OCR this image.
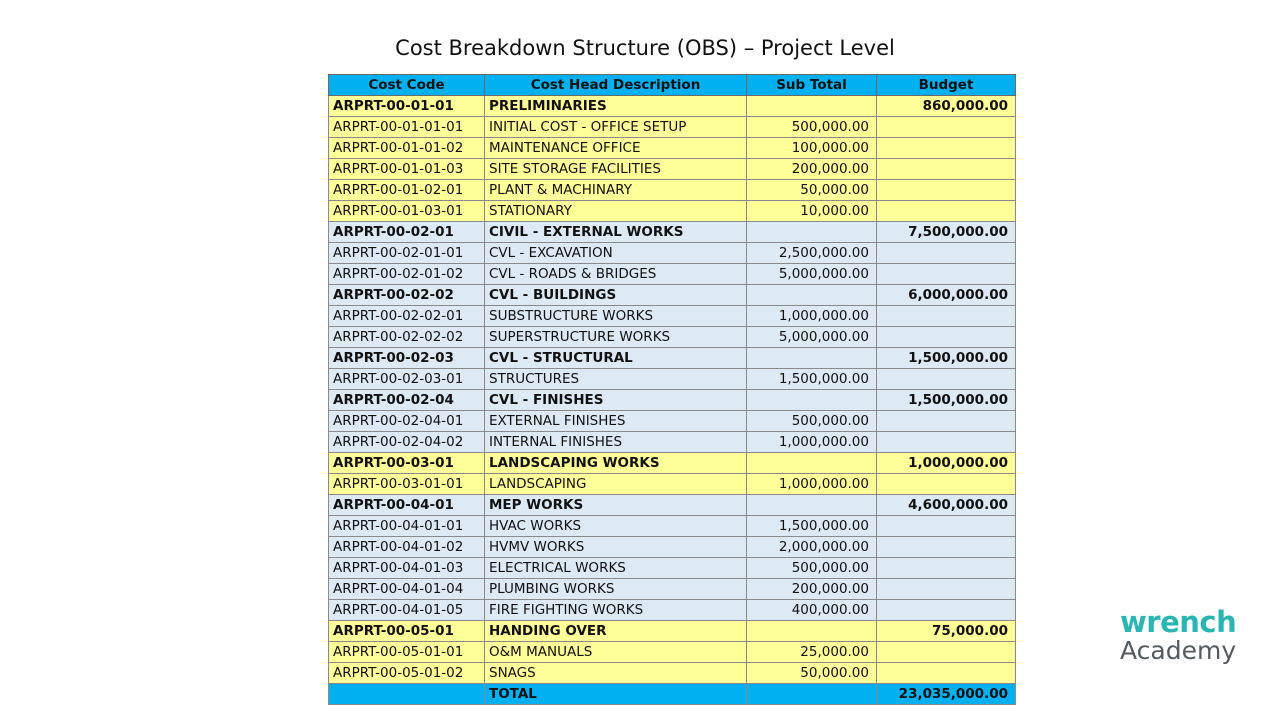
Cost Breakdown Structure (OBS) – Project Level
Cost Code	Cost Head Description	Sub Total	Budget
ARPRT-00-01-01	PRELIMINARIES		860,000.00
ARPRT-00-01-01-01	INITIAL COST - OFFICE SETUP	500,000.00	
ARPRT-00-01-01-02	MAINTENANCE OFFICE	100,000.00	
ARPRT-00-01-01-03	SITE STORAGE FACILITIES	200,000.00	
ARPRT-00-01-02-01	PLANT & MACHINARY	50,000.00	
ARPRT-00-01-03-01	STATIONARY	10,000.00	
ARPRT-00-02-01	CIVIL - EXTERNAL WORKS		7,500,000.00
ARPRT-00-02-01-01	CVL - EXCAVATION	2,500,000.00	
ARPRT-00-02-01-02	CVL - ROADS & BRIDGES	5,000,000.00	
ARPRT-00-02-02	CVL - BUILDINGS		6,000,000.00
ARPRT-00-02-02-01	SUBSTRUCTURE WORKS	1,000,000.00	
ARPRT-00-02-02-02	SUPERSTRUCTURE WORKS	5,000,000.00	
ARPRT-00-02-03	CVL - STRUCTURAL		1,500,000.00
ARPRT-00-02-03-01	STRUCTURES	1,500,000.00	
ARPRT-00-02-04	CVL - FINISHES		1,500,000.00
ARPRT-00-02-04-01	EXTERNAL FINISHES	500,000.00	
ARPRT-00-02-04-02	INTERNAL FINISHES	1,000,000.00	
ARPRT-00-03-01	LANDSCAPING WORKS		1,000,000.00
ARPRT-00-03-01-01	LANDSCAPING	1,000,000.00	
ARPRT-00-04-01	MEP WORKS		4,600,000.00
ARPRT-00-04-01-01	HVAC WORKS	1,500,000.00	
ARPRT-00-04-01-02	HVMV WORKS	2,000,000.00	
ARPRT-00-04-01-03	ELECTRICAL WORKS	500,000.00	
ARPRT-00-04-01-04	PLUMBING WORKS	200,000.00	
ARPRT-00-04-01-05	FIRE FIGHTING WORKS	400,000.00	
ARPRT-00-05-01	HANDING OVER		75,000.00
ARPRT-00-05-01-01	O&M MANUALS	25,000.00	
ARPRT-00-05-01-02	SNAGS	50,000.00	
	TOTAL		23,035,000.00
wrench
Academy
